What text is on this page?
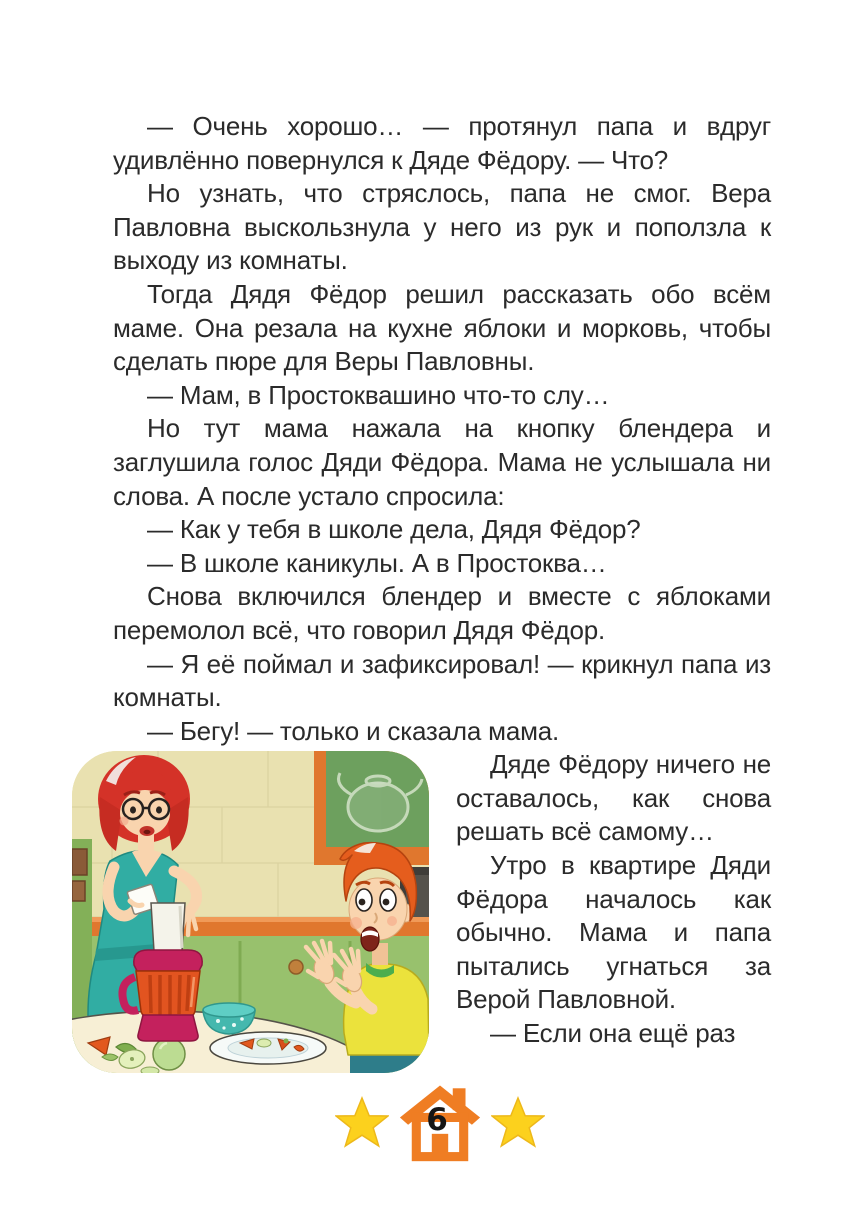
— Очень хорошо… — протянул папа и вдруг удивлённо повернулся к Дяде Фёдору. — Что?

Но узнать, что стряслось, папа не смог. Вера Павловна выскользнула у него из рук и поползла к выходу из комнаты.

Тогда Дядя Фёдор решил рассказать обо всём маме. Она резала на кухне яблоки и морковь, чтобы сделать пюре для Веры Павловны.

— Мам, в Простоквашино что-то слу…

Но тут мама нажала на кнопку блендера и заглушила голос Дяди Фёдора. Мама не услышала ни слова. А после устало спросила:

— Как у тебя в школе дела, Дядя Фёдор?

— В школе каникулы. А в Простоква…

Снова включился блендер и вместе с яблоками перемолол всё, что говорил Дядя Фёдор.

— Я её поймал и зафиксировал! — крикнул папа из комнаты.

— Бегу! — только и сказала мама.

Дяде Фёдору ничего не оставалось, как снова решать всё самому…

Утро в квартире Дяди Фёдора началось как обычно. Мама и папа пытались угнаться за Верой Павловной.

— Если она ещё раз

6
